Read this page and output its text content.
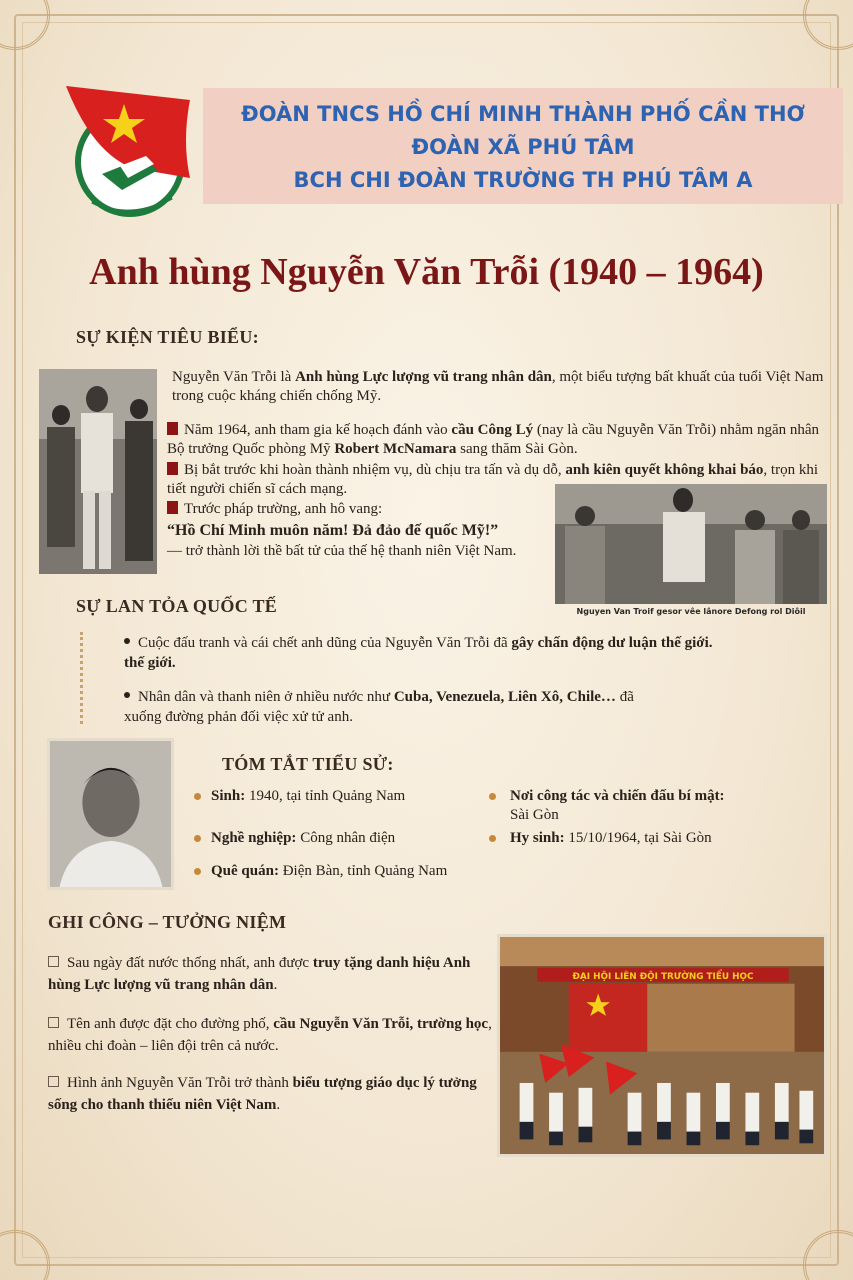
ĐOÀN TNCS HỒ CHÍ MINH THÀNH PHỐ CẦN THƠ
ĐOÀN XÃ PHÚ TÂM
BCH CHI ĐOÀN TRƯỜNG TH PHÚ TÂM A
Anh hùng Nguyễn Văn Trỗi (1940 – 1964)
SỰ KIỆN TIÊU BIỂU:
Nguyễn Văn Trỗi là Anh hùng Lực lượng vũ trang nhân dân, một biểu tượng bất khuất của tuổi Việt Nam trong cuộc kháng chiến chống Mỹ.
Năm 1964, anh tham gia kế hoạch đánh vào cầu Công Lý (nay là cầu Nguyễn Văn Trỗi) nhằm ngăn nhân Bộ trưởng Quốc phòng Mỹ Robert McNamara sang thăm Sài Gòn.
Bị bắt trước khi hoàn thành nhiệm vụ, dù chịu tra tấn và dụ dỗ, anh kiên quyết không khai báo, trọn khi tiết người chiến sĩ cách mạng.
Trước pháp trường, anh hô vang:
“Hồ Chí Minh muôn năm! Đả đảo đế quốc Mỹ!”
— trở thành lời thề bất tử của thế hệ thanh niên Việt Nam.
Nguyen Van Troif gesor vêe lânore Defong rol Diôil
SỰ LAN TỎA QUỐC TẾ
Cuộc đấu tranh và cái chết anh dũng của Nguyễn Văn Trỗi đã gây chấn động dư luận thế giới.
thế giới.
Nhân dân và thanh niên ở nhiều nước như Cuba, Venezuela, Liên Xô, Chile… đã
xuống đường phản đối việc xử tử anh.
TÓM TẮT TIỂU SỬ:
Sinh: 1940, tại tỉnh Quảng Nam
Nghề nghiệp: Công nhân điện
Quê quán: Điện Bàn, tỉnh Quảng Nam
Nơi công tác và chiến đấu bí mật:
Sài Gòn
Hy sinh: 15/10/1964, tại Sài Gòn
GHI CÔNG – TƯỞNG NIỆM
Sau ngày đất nước thống nhất, anh được truy tặng danh hiệu Anh hùng Lực lượng vũ trang nhân dân.
Tên anh được đặt cho đường phố, cầu Nguyễn Văn Trỗi, trường học, nhiều chi đoàn – liên đội trên cả nước.
Hình ảnh Nguyễn Văn Trỗi trở thành biểu tượng giáo dục lý tưởng sống cho thanh thiếu niên Việt Nam.
ĐẠI HỘI LIÊN ĐỘI TRƯỜNG TIỂU HỌC
